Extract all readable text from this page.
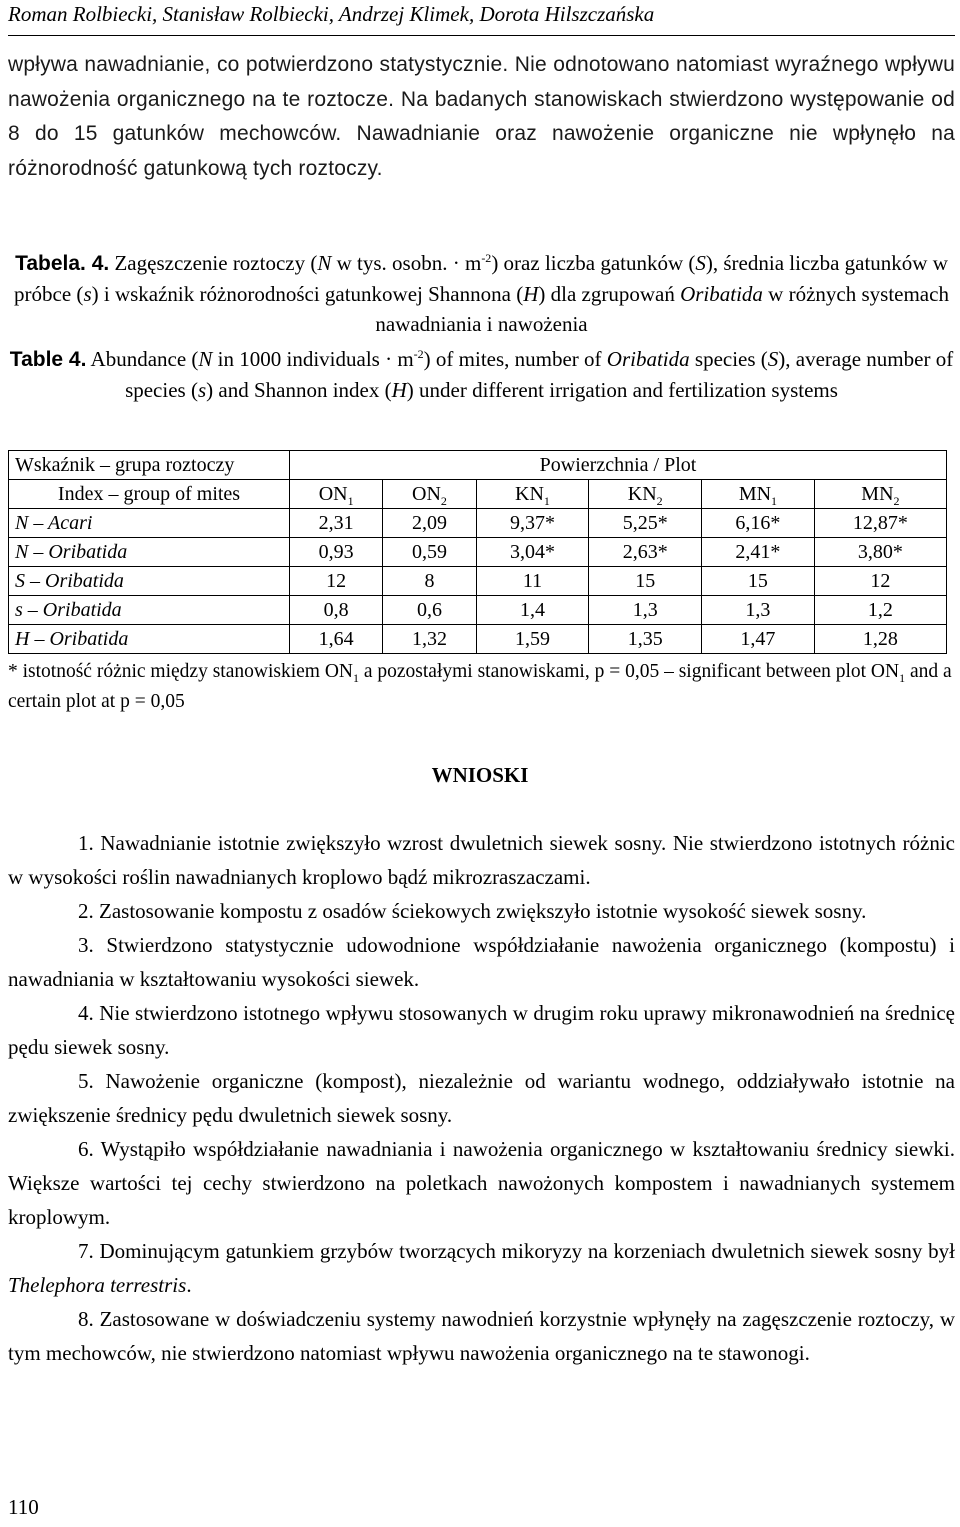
Roman Rolbiecki, Stanisław Rolbiecki, Andrzej Klimek, Dorota Hilszczańska
wpływa nawadnianie, co potwierdzono statystycznie. Nie odnotowano natomiast wyraźnego wpływu nawożenia organicznego na te roztocze. Na badanych stanowiskach stwierdzono występowanie od 8 do 15 gatunków mechowców. Nawadnianie oraz nawożenie organiczne nie wpłynęło na różnorodność gatunkową tych roztoczy.
Tabela. 4. Zagęszczenie roztoczy (N w tys. osobn. · $m^{-2}$) oraz liczba gatunków (S), średnia liczba gatunków w próbce (s) i wskaźnik różnorodności gatunkowej Shannona (H) dla zgrupowań Oribatida w różnych systemach nawadniania i nawożenia
Table 4. Abundance (N in 1000 individuals · $m^{-2}$) of mites, number of Oribatida species (S), average number of species (s) and Shannon index (H) under different irrigation and fertilization systems
Wskaźnik – grupa roztoczy	Powierzchnia / Plot					
Index – group of mites	$ON_1$	$ON_2$	$KN_1$	$KN_2$	$MN_1$	$MN_2$
N – Acari	2,31	2,09	9,37*	5,25*	6,16*	12,87*
N – Oribatida	0,93	0,59	3,04*	2,63*	2,41*	3,80*
S – Oribatida	12	8	11	15	15	12
s – Oribatida	0,8	0,6	1,4	1,3	1,3	1,2
H – Oribatida	1,64	1,32	1,59	1,35	1,47	1,28
* istotność różnic między stanowiskiem $ON_1$ a pozostałymi stanowiskami, p = 0,05 – significant between plot $ON_1$ and a certain plot at p = 0,05
WNIOSKI

1. Nawadnianie istotnie zwiększyło wzrost dwuletnich siewek sosny. Nie stwierdzono istotnych różnic w wysokości roślin nawadnianych kroplowo bądź mikrozraszaczami.

2. Zastosowanie kompostu z osadów ściekowych zwiększyło istotnie wysokość siewek sosny.

3. Stwierdzono statystycznie udowodnione współdziałanie nawożenia organicznego (kompostu) i nawadniania w kształtowaniu wysokości siewek.

4. Nie stwierdzono istotnego wpływu stosowanych w drugim roku uprawy mikronawodnień na średnicę pędu siewek sosny.

5. Nawożenie organiczne (kompost), niezależnie od wariantu wodnego, oddziaływało istotnie na zwiększenie średnicy pędu dwuletnich siewek sosny.

6. Wystąpiło współdziałanie nawadniania i nawożenia organicznego w kształtowaniu średnicy siewki. Większe wartości tej cechy stwierdzono na poletkach nawożonych kompostem i nawadnianych systemem kroplowym.

7. Dominującym gatunkiem grzybów tworzących mikoryzy na korzeniach dwuletnich siewek sosny był Thelephora terrestris.

8. Zastosowane w doświadczeniu systemy nawodnień korzystnie wpłynęły na zagęszczenie roztoczy, w tym mechowców, nie stwierdzono natomiast wpływu nawożenia organicznego na te stawonogi.

110
